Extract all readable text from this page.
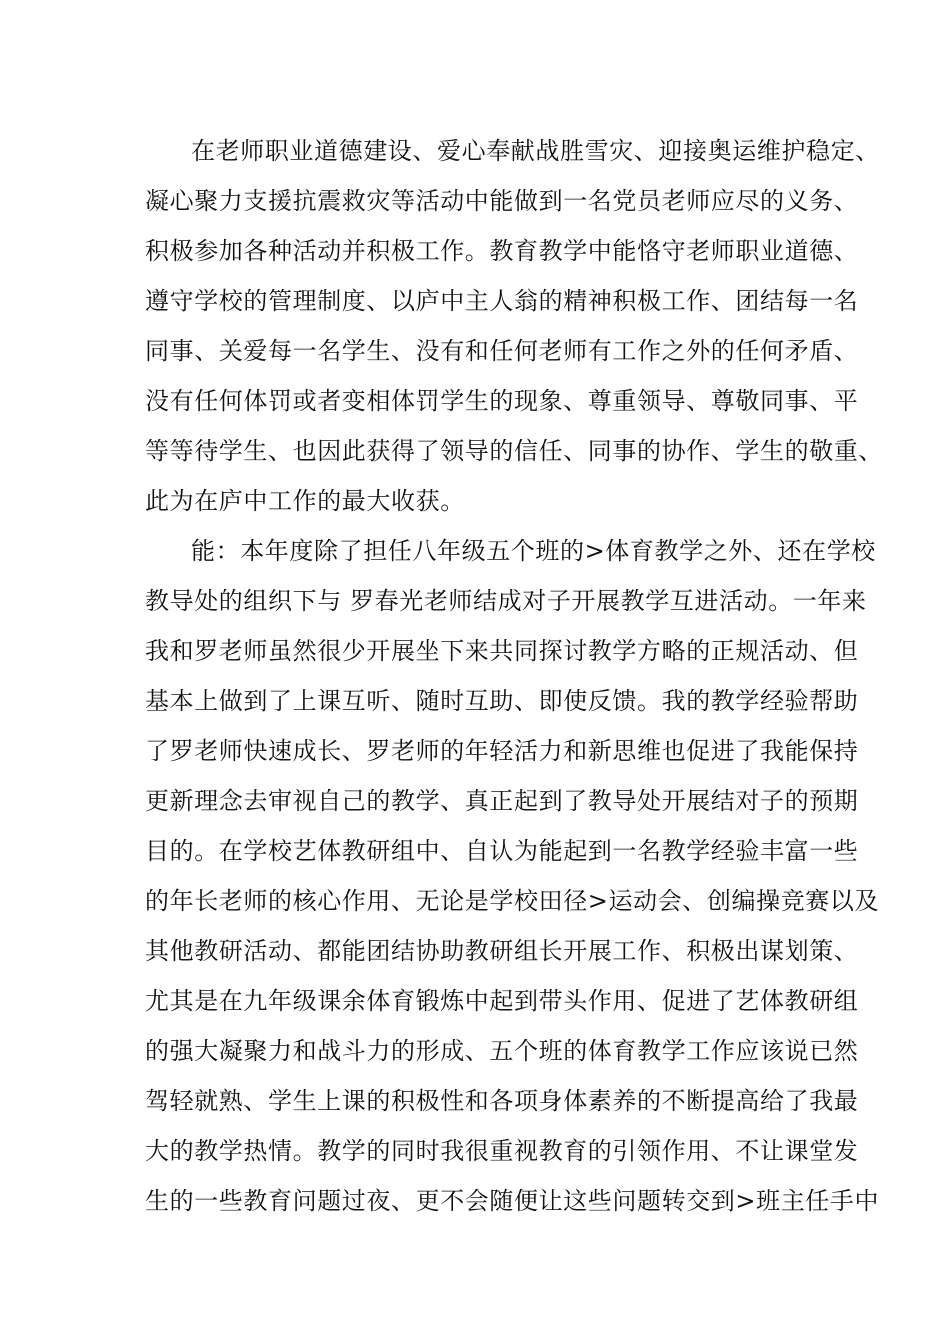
在老师职业道德建设、爱心奉献战胜雪灾、迎接奥运维护稳定、
凝心聚力支援抗震救灾等活动中能做到一名党员老师应尽的义务、
积极参加各种活动并积极工作。教育教学中能恪守老师职业道德、
遵守学校的管理制度、以庐中主人翁的精神积极工作、团结每一名
同事、关爱每一名学生、没有和任何老师有工作之外的任何矛盾、
没有任何体罚或者变相体罚学生的现象、尊重领导、尊敬同事、平
等等待学生、也因此获得了领导的信任、同事的协作、学生的敬重、
此为在庐中工作的最大收获。
能：本年度除了担任八年级五个班的>体育教学之外、还在学校
教导处的组织下与 罗春光老师结成对子开展教学互进活动。一年来
我和罗老师虽然很少开展坐下来共同探讨教学方略的正规活动、但
基本上做到了上课互听、随时互助、即使反馈。我的教学经验帮助
了罗老师快速成长、罗老师的年轻活力和新思维也促进了我能保持
更新理念去审视自己的教学、真正起到了教导处开展结对子的预期
目的。在学校艺体教研组中、自认为能起到一名教学经验丰富一些
的年长老师的核心作用、无论是学校田径>运动会、创编操竞赛以及
其他教研活动、都能团结协助教研组长开展工作、积极出谋划策、
尤其是在九年级课余体育锻炼中起到带头作用、促进了艺体教研组
的强大凝聚力和战斗力的形成、五个班的体育教学工作应该说已然
驾轻就熟、学生上课的积极性和各项身体素养的不断提高给了我最
大的教学热情。教学的同时我很重视教育的引领作用、不让课堂发
生的一些教育问题过夜、更不会随便让这些问题转交到>班主任手中
